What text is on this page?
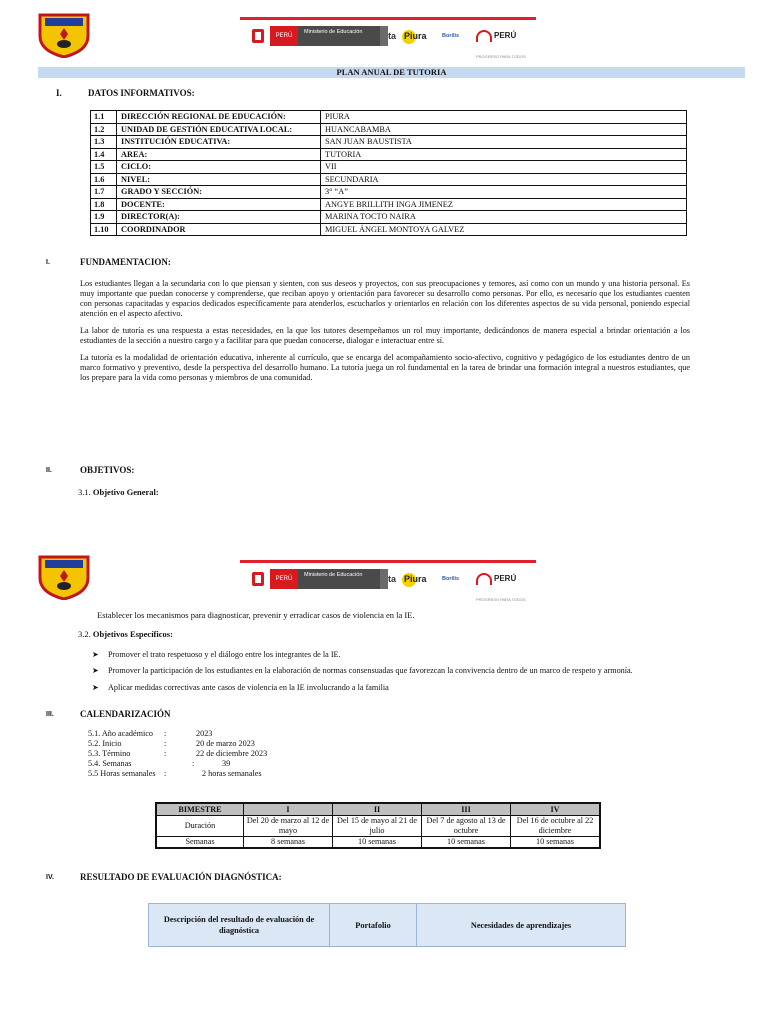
PERÚ
Ministerio de Educación	ta Piura	Borilis	PERÚ PROGRESO PARA TODOS
PLAN ANUAL DE TUTORIA
I.	DATOS INFORMATIVOS:
1.1	DIRECCIÓN REGIONAL DE EDUCACIÓN:	PIURA
1.2	UNIDAD DE GESTIÓN EDUCATIVA LOCAL:	HUANCABAMBA
1.3	INSTITUCIÓN EDUCATIVA:	SAN JUAN BAUSTISTA
1.4	AREA:	TUTORIA
1.5	CICLO:	VII
1.6	NIVEL:	SECUNDARIA
1.7	GRADO Y SECCIÓN:	3° “A”
1.8	DOCENTE:	ANGYE BRILLITH INGA JIMENEZ
1.9	DIRECTOR(A):	MARINA TOCTO NAIRA
1.10	COORDINADOR	MIGUEL ÁNGEL MONTOYA GALVEZ
I.	FUNDAMENTACION:

Los estudiantes llegan a la secundaria con lo que piensan y sienten, con sus deseos y proyectos, con sus preocupaciones y temores, así como con un mundo y una historia personal. Es muy importante que puedan conocerse y comprenderse, que reciban apoyo y orientación para favorecer su desarrollo como personas. Por ello, es necesario que los estudiantes cuenten con personas capacitadas y espacios dedicados específicamente para atenderlos, escucharlos y orientarlos en relación con los diferentes aspectos de su vida personal, poniendo especial atención en el aspecto afectivo.

La labor de tutoría es una respuesta a estas necesidades, en la que los tutores desempeñamos un rol muy importante, dedicándonos de manera especial a brindar orientación a los estudiantes de la sección a nuestro cargo y a facilitar para que puedan conocerse, dialogar e interactuar entre sí.

La tutoría es la modalidad de orientación educativa, inherente al currículo, que se encarga del acompañamiento socio-afectivo, cognitivo y pedagógico de los estudiantes dentro de un marco formativo y preventivo, desde la perspectiva del desarrollo humano. La tutoría juega un rol fundamental en la tarea de brindar una formación integral a nuestros estudiantes, que los prepare para la vida como personas y miembros de una comunidad.

II.	OBJETIVOS:
3.1. Objetivo General:
PERÚ
Ministerio de Educación	ta Piura	Borilis	PERÚ PROGRESO PARA TODOS
Establecer los mecanismos para diagnosticar, prevenir y erradicar casos de violencia en la IE.
3.2. Objetivos Específicos:
➤ Promover el trato respetuoso y el diálogo entre los integrantes de la IE.
➤ Promover la participación de los estudiantes en la elaboración de normas consensuadas que favorezcan la convivencia dentro de un marco de respeto y armonía.
➤ Aplicar medidas correctivas ante casos de violencia en la IE involucrando a la familia
III.	CALENDARIZACIÓN
5.1. Año académico :	2023
5.2. Inicio	:	20 de marzo 2023
5.3. Término	:	22 de diciembre 2023
5.4. Semanas	:	39
5.5 Horas semanales :	2 horas semanales
BIMESTRE	I	II	III	IV
Duración	Del 20 de marzo al 12 de mayo	Del 15 de mayo al 21 de julio	Del 7 de agosto al 13 de octubre	Del 16 de octubre al 22 diciembre
Semanas	8 semanas	10 semanas	10 semanas	10 semanas
IV.	RESULTADO DE EVALUACIÓN DIAGNÓSTICA:
Descripción del resultado de evaluación de diagnóstica	Portafolio	Necesidades de aprendizajes
